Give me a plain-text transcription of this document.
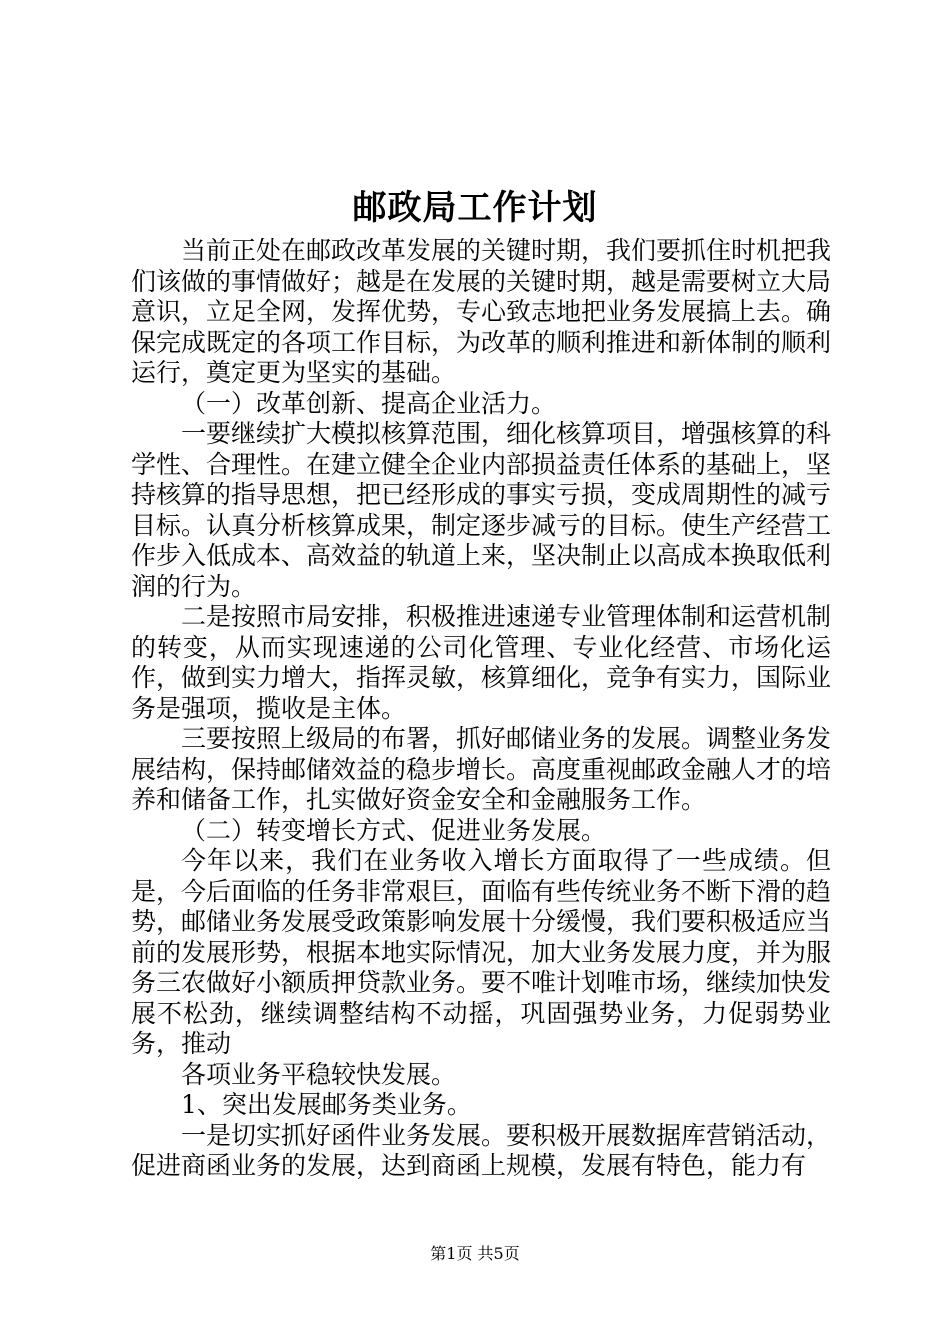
邮政局工作计划

当前正处在邮政改革发展的关键时期，我们要抓住时机把我们该做的事情做好；越是在发展的关键时期，越是需要树立大局意识，立足全网，发挥优势，专心致志地把业务发展搞上去。确保完成既定的各项工作目标，为改革的顺利推进和新体制的顺利运行，奠定更为坚实的基础。

（一）改革创新、提高企业活力。

一要继续扩大模拟核算范围，细化核算项目，增强核算的科学性、合理性。在建立健全企业内部损益责任体系的基础上，坚持核算的指导思想，把已经形成的事实亏损，变成周期性的减亏目标。认真分析核算成果，制定逐步减亏的目标。使生产经营工作步入低成本、高效益的轨道上来，坚决制止以高成本换取低利润的行为。

二是按照市局安排，积极推进速递专业管理体制和运营机制的转变，从而实现速递的公司化管理、专业化经营、市场化运作，做到实力增大，指挥灵敏，核算细化，竞争有实力，国际业务是强项，揽收是主体。

三要按照上级局的布署，抓好邮储业务的发展。调整业务发展结构，保持邮储效益的稳步增长。高度重视邮政金融人才的培养和储备工作，扎实做好资金安全和金融服务工作。

（二）转变增长方式、促进业务发展。

今年以来，我们在业务收入增长方面取得了一些成绩。但是，今后面临的任务非常艰巨，面临有些传统业务不断下滑的趋势，邮储业务发展受政策影响发展十分缓慢，我们要积极适应当前的发展形势，根据本地实际情况，加大业务发展力度，并为服务三农做好小额质押贷款业务。要不唯计划唯市场，继续加快发展不松劲，继续调整结构不动摇，巩固强势业务，力促弱势业务，推动

各项业务平稳较快发展。

1、突出发展邮务类业务。

一是切实抓好函件业务发展。要积极开展数据库营销活动，促进商函业务的发展，达到商函上规模，发展有特色，能力有

第1页 共5页
